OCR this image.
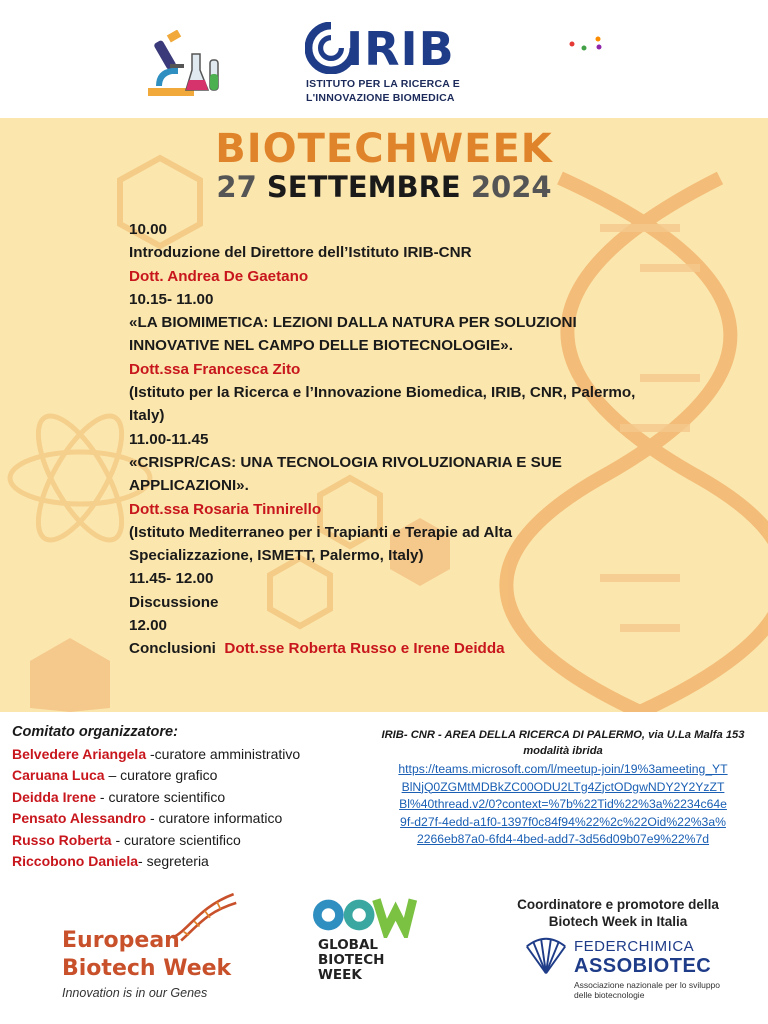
IRIB
ISTITUTO PER LA RICERCA E
L'INNOVAZIONE BIOMEDICA
BIOTECHWEEK
27 SETTEMBRE 2024
10.00
Introduzione del Direttore dell’Istituto IRIB-CNR
Dott. Andrea De Gaetano
10.15- 11.00
«LA BIOMIMETICA: LEZIONI DALLA NATURA PER SOLUZIONI
INNOVATIVE NEL CAMPO DELLE BIOTECNOLOGIE».
Dott.ssa Francesca Zito
(Istituto per la Ricerca e l’Innovazione Biomedica, IRIB, CNR, Palermo,
Italy)
11.00-11.45
«CRISPR/CAS: UNA TECNOLOGIA RIVOLUZIONARIA E SUE
APPLICAZIONI».
Dott.ssa Rosaria Tinnirello
(Istituto Mediterraneo per i Trapianti e Terapie ad Alta
Specializzazione, ISMETT, Palermo, Italy)
11.45- 12.00
Discussione
12.00
Conclusioni  Dott.sse Roberta Russo e Irene Deidda
Comitato organizzatore:
Belvedere Ariangela -curatore amministrativo
Caruana Luca – curatore grafico
Deidda Irene - curatore scientifico
Pensato Alessandro - curatore informatico
Russo Roberta - curatore scientifico
Riccobono Daniela- segreteria
IRIB- CNR - AREA DELLA RICERCA DI PALERMO, via U.La Malfa 153
modalità ibrida
https://teams.microsoft.com/l/meetup-join/19%3ameeting_YTBlNjQ0ZGMtMDBkZC00ODU2LTg4ZjctODgwNDY2Y2YzZTBl%40thread.v2/0?context=%7b%22Tid%22%3a%2234c64e9f-d27f-4edd-a1f0-1397f0c84f94%22%2c%22Oid%22%3a%2266eb87a0-6fd4-4bed-add7-3d56d09b07e9%22%7d
European
Biotech Week
Innovation is in our Genes
GLOBAL
BIOTECH
WEEK
Coordinatore e promotore della
Biotech Week in Italia
FEDERCHIMICA
ASSOBIOTEC
Associazione nazionale per lo sviluppo
delle biotecnologie
